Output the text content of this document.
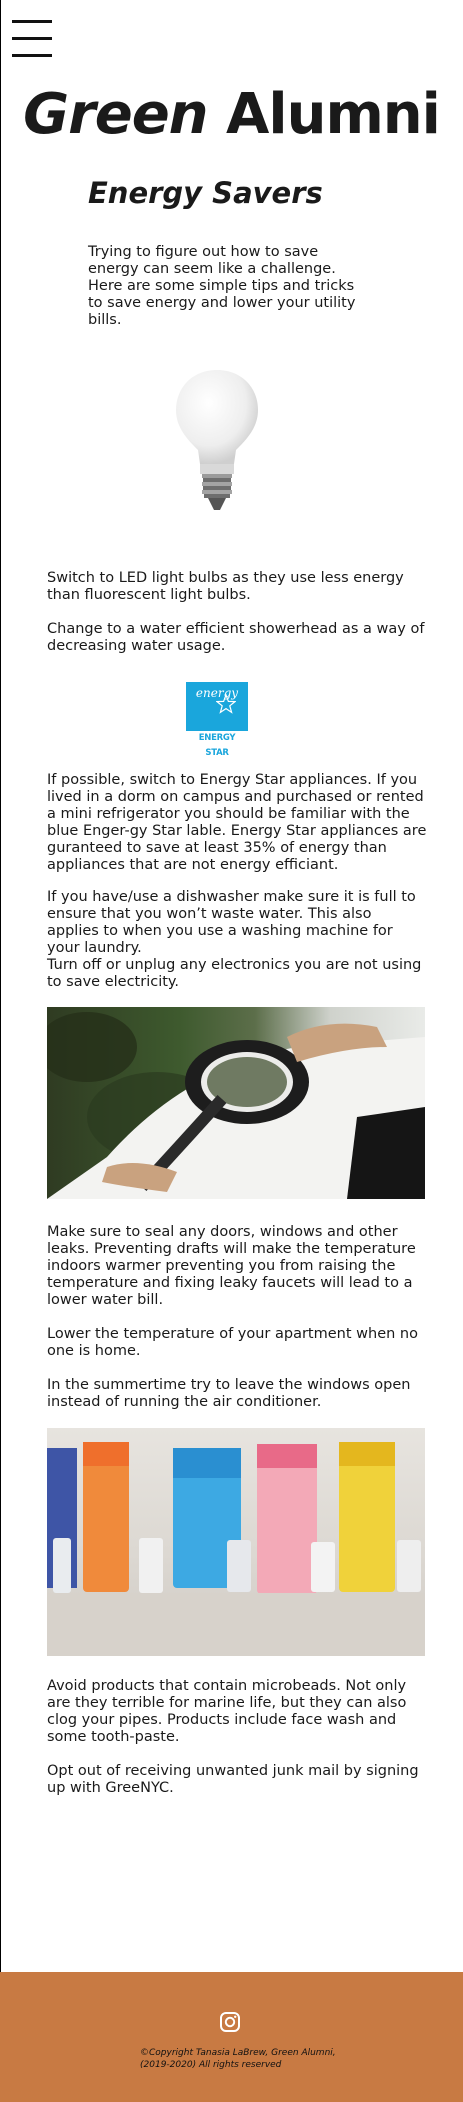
Green Alumni
Energy Savers

Trying to figure out how to save energy can seem like a challenge. Here are some simple tips and tricks to save energy and lower your utility bills.

Switch to LED light bulbs as they use less energy than fluorescent light bulbs.

Change to a water efficient showerhead as a way of decreasing water usage.

energy
ENERGY STAR

If possible, switch to Energy Star appliances. If you lived in a dorm on campus and purchased or rented a mini refrigerator you should be familiar with the blue Enger-gy Star lable. Energy Star appliances are guranteed to save at least 35% of energy than appliances that are not energy efficiant.

If you have/use a dishwasher make sure it is full to ensure that you won’t waste water. This also applies to when you use a washing machine for your laundry.

Turn off or unplug any electronics you are not using to save electricity.

Make sure to seal any doors, windows and other leaks. Preventing drafts will make the temperature indoors warmer preventing you from raising the temperature and fixing leaky faucets will lead to a lower water bill.

Lower the temperature of your apartment when no one is home.

In the summertime try to leave the windows open instead of running the air conditioner.

Avoid products that contain microbeads. Not only are they terrible for marine life, but they can also clog your pipes. Products include face wash and some tooth-paste.

Opt out of receiving unwanted junk mail by signing up with GreeNYC.

©Copyright Tanasia LaBrew, Green Alumni,
(2019-2020) All rights reserved
